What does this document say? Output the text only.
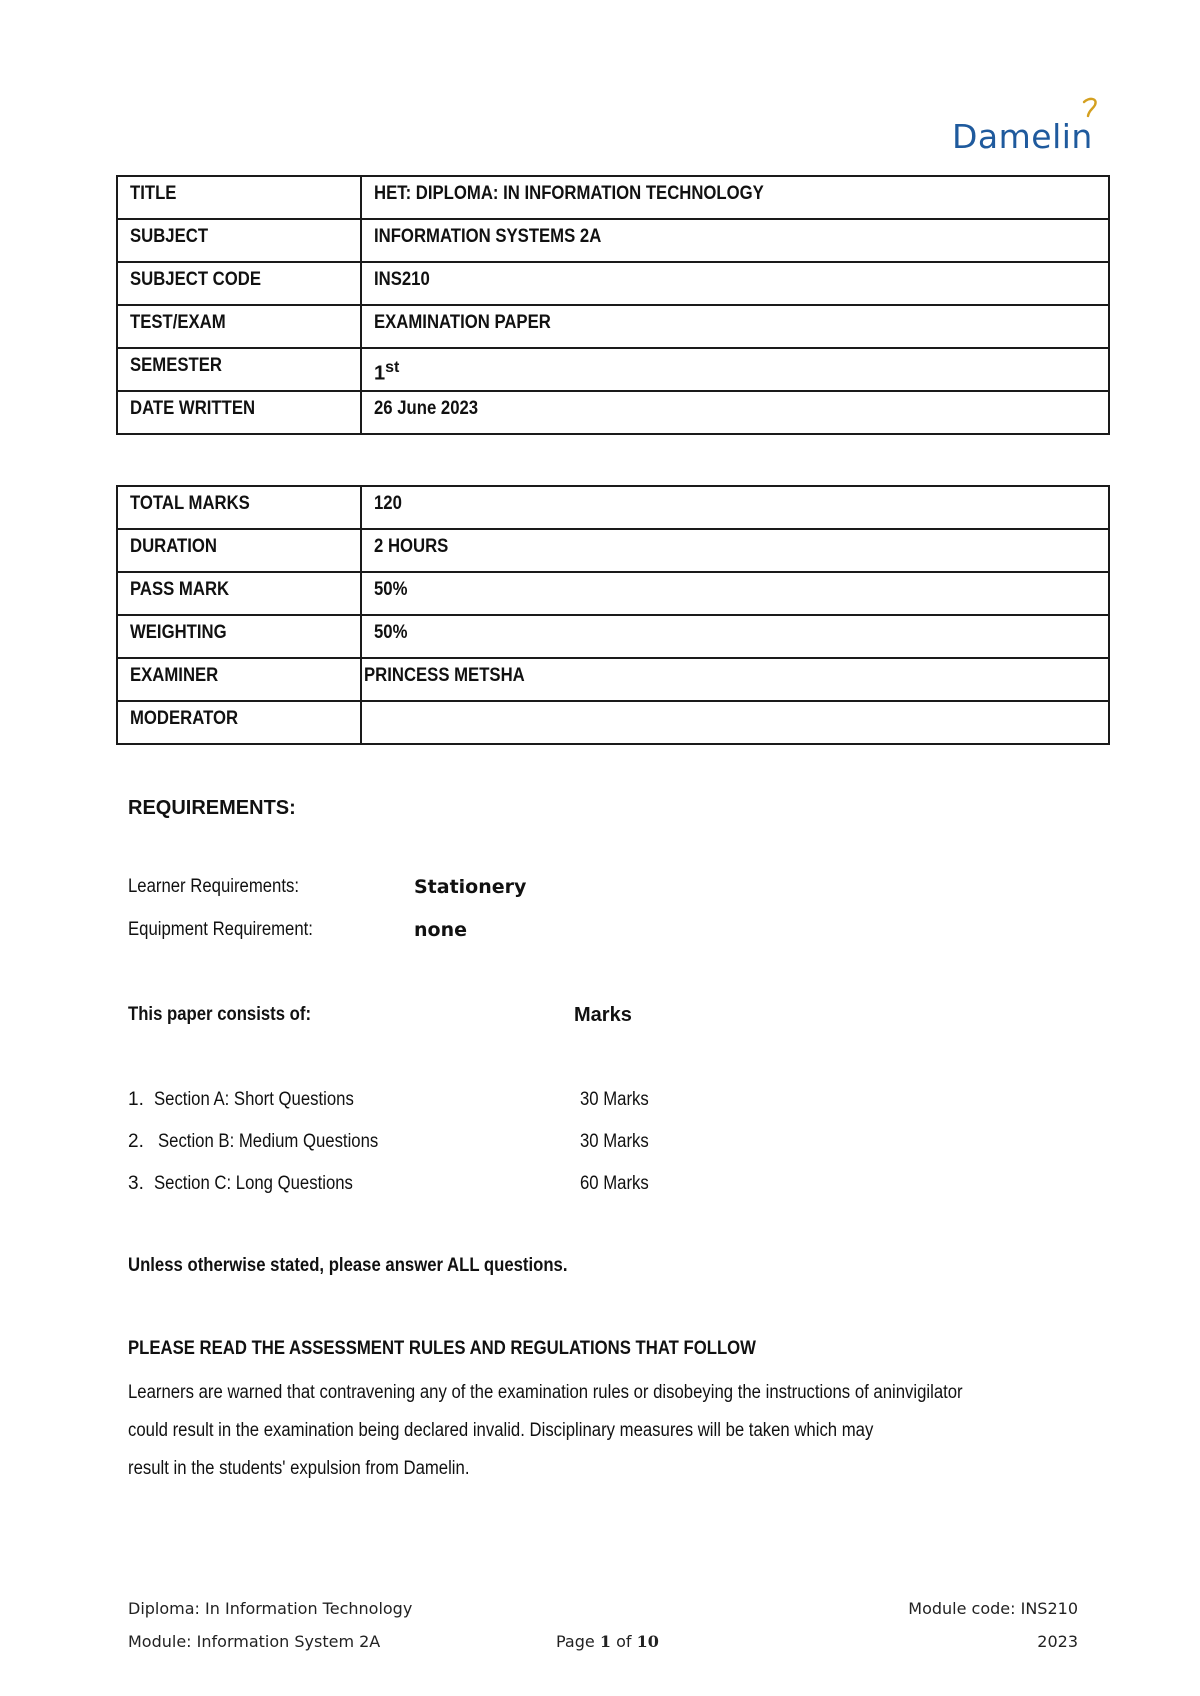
Damelin
TITLE	HET: DIPLOMA: IN INFORMATION TECHNOLOGY
SUBJECT	INFORMATION SYSTEMS 2A
SUBJECT CODE	INS210
TEST/EXAM	EXAMINATION PAPER
SEMESTER	1st
DATE WRITTEN	26 June 2023
TOTAL MARKS	120
DURATION	2 HOURS
PASS MARK	50%
WEIGHTING	50%
EXAMINER	PRINCESS METSHA
MODERATOR	
REQUIREMENTS:
Learner Requirements:	Stationery
Equipment Requirement:	none
This paper consists of:	Marks
1. Section A: Short Questions	30 Marks
2. Section B: Medium Questions	30 Marks
3. Section C: Long Questions	60 Marks
Unless otherwise stated, please answer ALL questions.
PLEASE READ THE ASSESSMENT RULES AND REGULATIONS THAT FOLLOW
Learners are warned that contravening any of the examination rules or disobeying the instructions of aninvigilator
could result in the examination being declared invalid. Disciplinary measures will be taken which may
result in the students' expulsion from Damelin.
Diploma: In Information Technology	Module code: INS210
Module: Information System 2A	Page 1 of 10	2023
